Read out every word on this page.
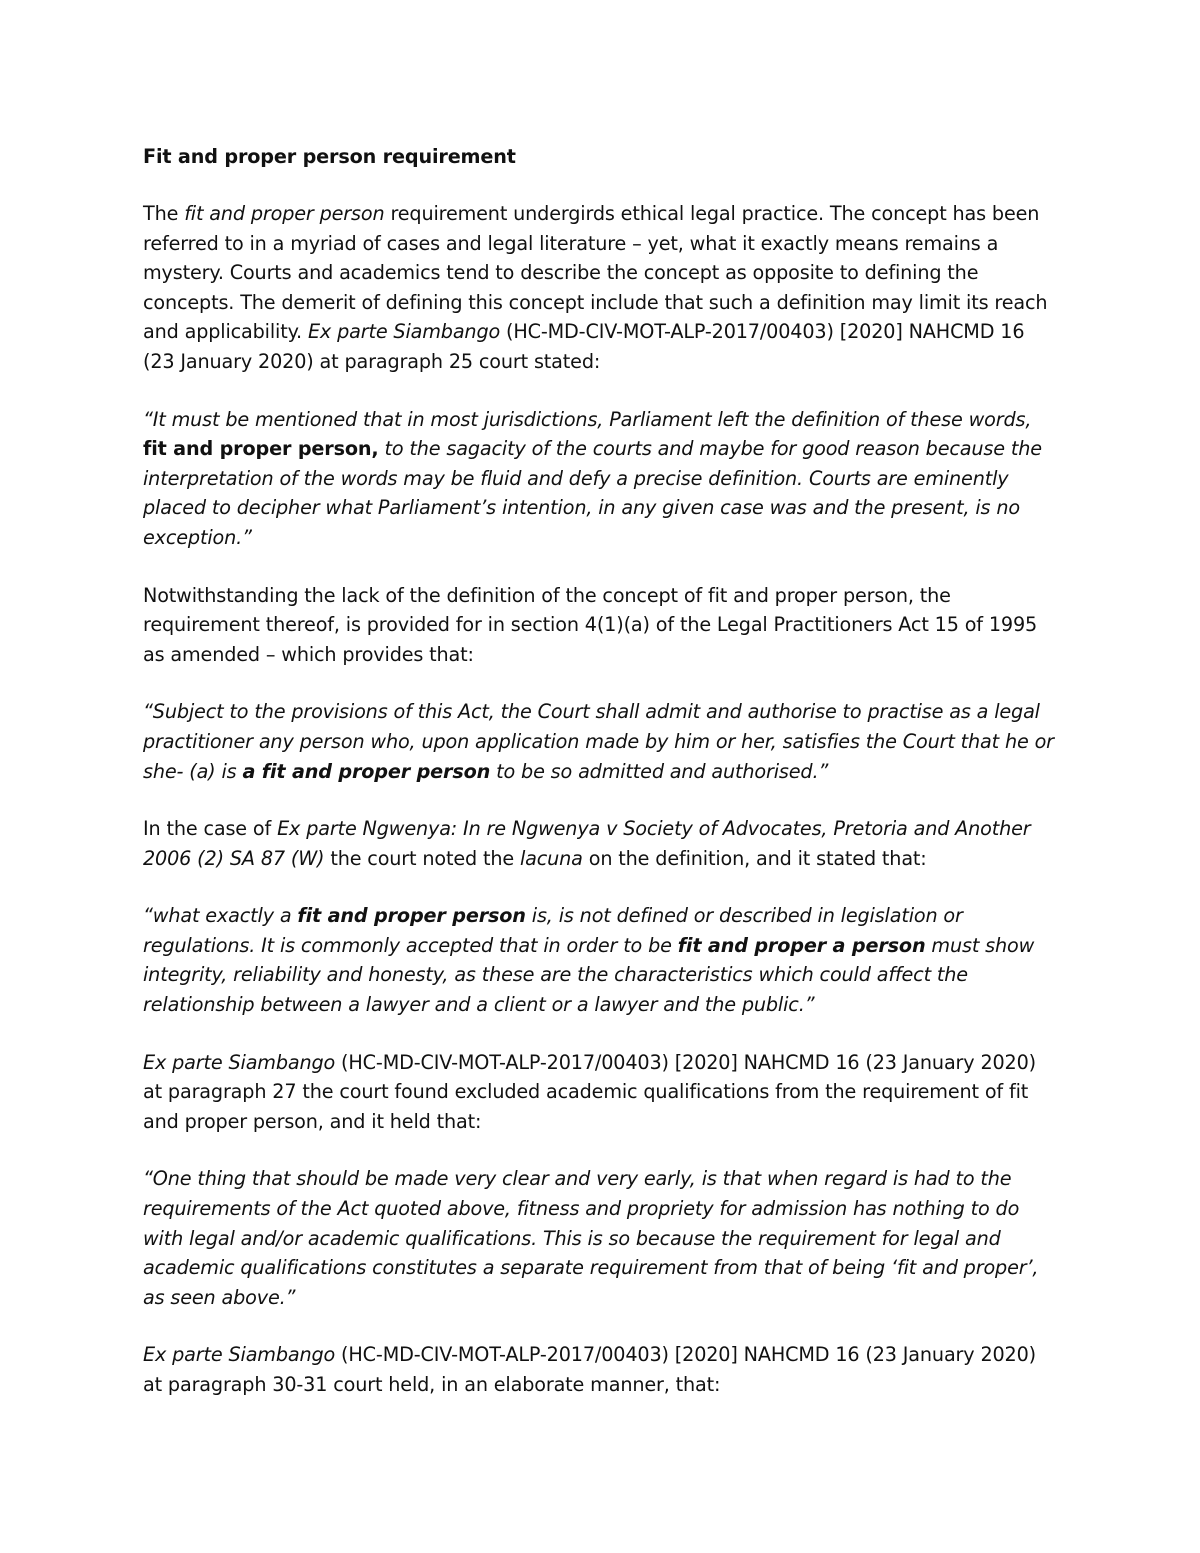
Fit and proper person requirement

The fit and proper person requirement undergirds ethical legal practice. The concept has been referred to in a myriad of cases and legal literature – yet, what it exactly means remains a mystery. Courts and academics tend to describe the concept as opposite to defining the concepts. The demerit of defining this concept include that such a definition may limit its reach and applicability. Ex parte Siambango (HC-MD-CIV-MOT-ALP-2017/00403) [2020] NAHCMD 16 (23 January 2020) at paragraph 25 court stated:

“It must be mentioned that in most jurisdictions, Parliament left the definition of these words, fit and proper person, to the sagacity of the courts and maybe for good reason because the interpretation of the words may be fluid and defy a precise definition. Courts are eminently placed to decipher what Parliament’s intention, in any given case was and the present, is no exception.”

Notwithstanding the lack of the definition of the concept of fit and proper person, the requirement thereof, is provided for in section 4(1)(a) of the Legal Practitioners Act 15 of 1995 as amended – which provides that:

“Subject to the provisions of this Act, the Court shall admit and authorise to practise as a legal practitioner any person who, upon application made by him or her, satisfies the Court that he or she- (a) is a fit and proper person to be so admitted and authorised.”

In the case of Ex parte Ngwenya: In re Ngwenya v Society of Advocates, Pretoria and Another 2006 (2) SA 87 (W) the court noted the lacuna on the definition, and it stated that:

“what exactly a fit and proper person is, is not defined or described in legislation or regulations. It is commonly accepted that in order to be fit and proper a person must show integrity, reliability and honesty, as these are the characteristics which could affect the relationship between a lawyer and a client or a lawyer and the public.”

Ex parte Siambango (HC-MD-CIV-MOT-ALP-2017/00403) [2020] NAHCMD 16 (23 January 2020) at paragraph 27 the court found excluded academic qualifications from the requirement of fit and proper person, and it held that:

“One thing that should be made very clear and very early, is that when regard is had to the requirements of the Act quoted above, fitness and propriety for admission has nothing to do with legal and/or academic qualifications. This is so because the requirement for legal and academic qualifications constitutes a separate requirement from that of being ‘fit and proper’, as seen above.”

Ex parte Siambango (HC-MD-CIV-MOT-ALP-2017/00403) [2020] NAHCMD 16 (23 January 2020) at paragraph 30-31 court held, in an elaborate manner, that:
